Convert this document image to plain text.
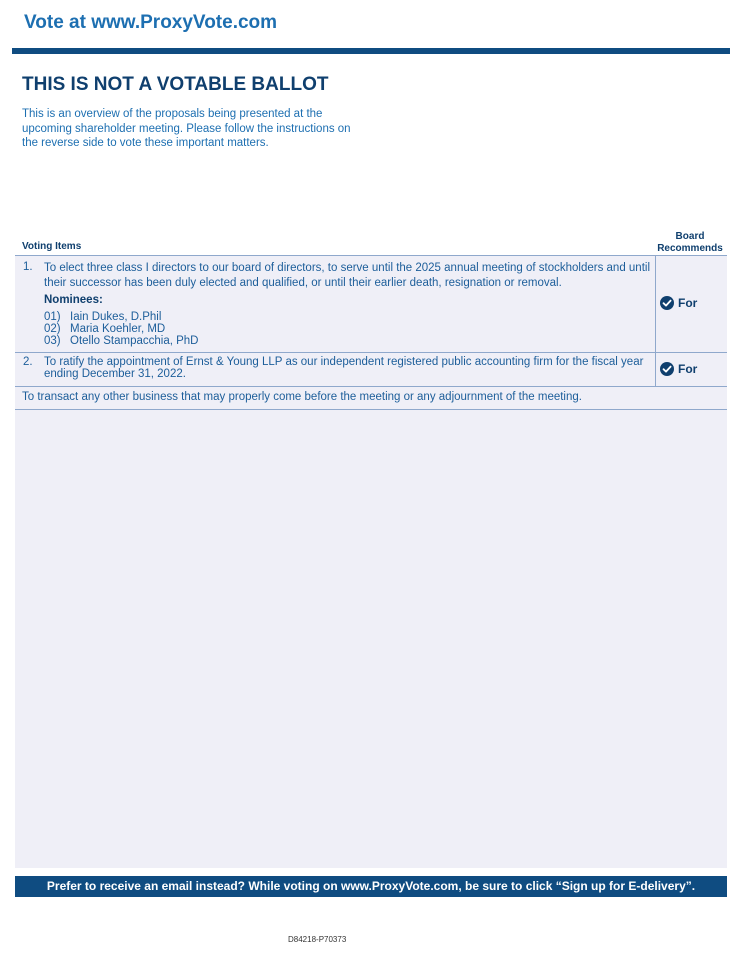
Vote at www.ProxyVote.com
THIS IS NOT A VOTABLE BALLOT
This is an overview of the proposals being presented at the upcoming shareholder meeting. Please follow the instructions on the reverse side to vote these important matters.
Voting Items
Board
Recommends
1. To elect three class I directors to our board of directors, to serve until the 2025 annual meeting of stockholders and until their successor has been duly elected and qualified, or until their earlier death, resignation or removal.
Nominees:
01) Iain Dukes, D.Phil
02) Maria Koehler, MD
03) Otello Stampacchia, PhD
For
2. To ratify the appointment of Ernst & Young LLP as our independent registered public accounting firm for the fiscal year ending December 31, 2022.	For
To transact any other business that may properly come before the meeting or any adjournment of the meeting.
Prefer to receive an email instead? While voting on www.ProxyVote.com, be sure to click “Sign up for E-delivery”.
D84218-P70373
